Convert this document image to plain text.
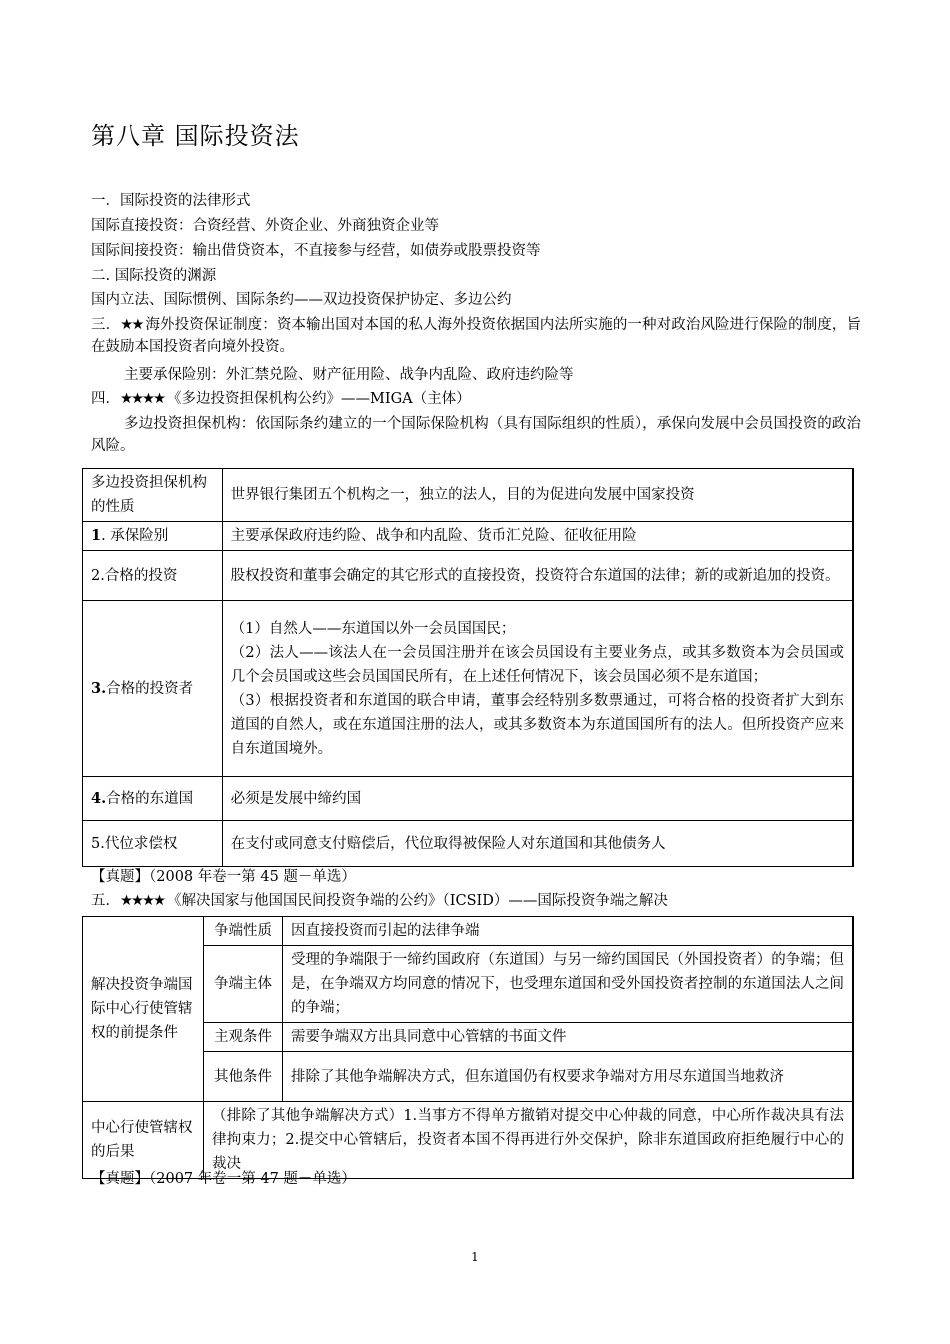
第八章 国际投资法
一．国际投资的法律形式
国际直接投资：合资经营、外资企业、外商独资企业等
国际间接投资：输出借贷资本，不直接参与经营，如债券或股票投资等
二. 国际投资的渊源
国内立法、国际惯例、国际条约——双边投资保护协定、多边公约
三．★★ 海外投资保证制度：资本输出国对本国的私人海外投资依据国内法所实施的一种对政治风险进行保险的制度，旨在鼓励本国投资者向境外投资。
主要承保险别：外汇禁兑险、财产征用险、战争内乱险、政府违约险等
四．★★★★ 《多边投资担保机构公约》——MIGA（主体）
多边投资担保机构：依国际条约建立的一个国际保险机构（具有国际组织的性质），承保向发展中会员国投资的政治风险。
多边投资担保机构的性质	世界银行集团五个机构之一，独立的法人，目的为促进向发展中国家投资
1. 承保险别	主要承保政府违约险、战争和内乱险、货币汇兑险、征收征用险
2.合格的投资	股权投资和董事会确定的其它形式的直接投资，投资符合东道国的法律；新的或新追加的投资。
3.合格的投资者	（1）自然人——东道国以外一会员国国民；
（2）法人——该法人在一会员国注册并在该会员国设有主要业务点，或其多数资本为会员国或几个会员国或这些会员国国民所有，在上述任何情况下，该会员国必须不是东道国；
（3）根据投资者和东道国的联合申请，董事会经特别多数票通过，可将合格的投资者扩大到东道国的自然人，或在东道国注册的法人，或其多数资本为东道国国所有的法人。但所投资产应来自东道国境外。

4.合格的东道国	必须是发展中缔约国
5.代位求偿权	在支付或同意支付赔偿后，代位取得被保险人对东道国和其他债务人
【真题】（2008 年卷一第 45 题－单选）
五．★★★★ 《解决国家与他国国民间投资争端的公约》（ICSID）——国际投资争端之解决
解决投资争端国际中心行使管辖权的前提条件	争端性质	因直接投资而引起的法律争端
	争端主体	受理的争端限于一缔约国政府（东道国）与另一缔约国国民（外国投资者）的争端；但是，在争端双方均同意的情况下，也受理东道国和受外国投资者控制的东道国法人之间的争端；
	主观条件	需要争端双方出具同意中心管辖的书面文件
	其他条件	排除了其他争端解决方式，但东道国仍有权要求争端对方用尽东道国当地救济
中心行使管辖权的后果	（排除了其他争端解决方式）1.当事方不得单方撤销对提交中心仲裁的同意，中心所作裁决具有法律拘束力；2.提交中心管辖后，投资者本国不得再进行外交保护，除非东道国政府拒绝履行中心的裁决	
【真题】（2007 年卷一第 47 题－单选）
1
